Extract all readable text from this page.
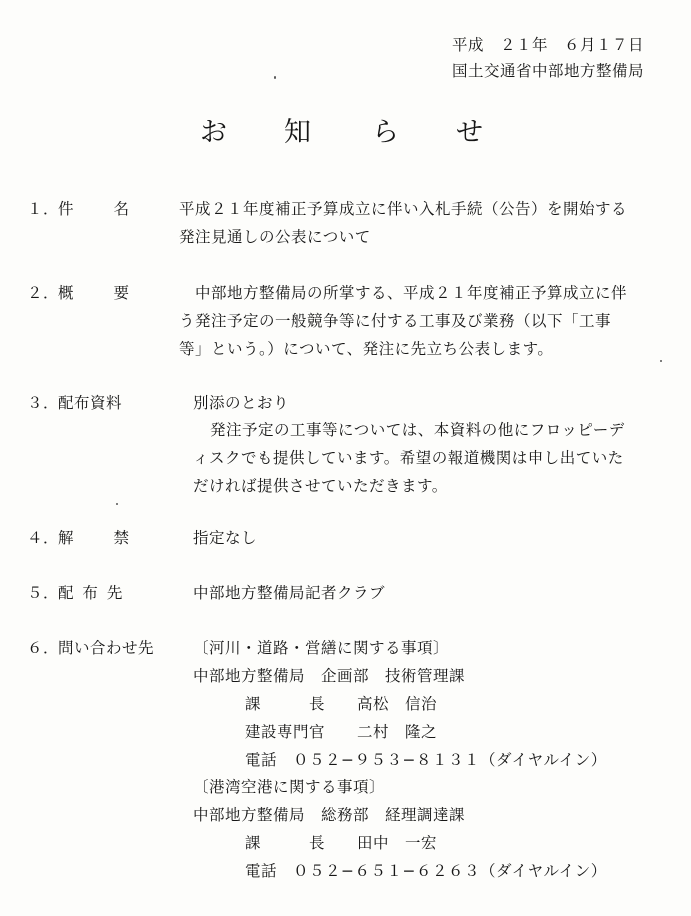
平成　２１年　６月１７日
国土交通省中部地方整備局
お 知 ら せ
１．
件　　名	平成２１年度補正予算成立に伴い入札手続（公告）を開始する
発注見通しの公表について
２．
概　　要	　中部地方整備局の所掌する、平成２１年度補正予算成立に伴
う発注予定の一般競争等に付する工事及び業務（以下「工事
等」という。）について、発注に先立ち公表します。
３．
配布資料	別添のとおり
発注予定の工事等については、本資料の他にフロッピーデ
ィスクでも提供しています。希望の報道機関は申し出ていた
だければ提供させていただきます。
４．
解　　禁	指定なし
５．
配 布 先	中部地方整備局記者クラブ
６．
問い合わせ先	〔河川・道路・営繕に関する事項〕
中部地方整備局　企画部　技術管理課
課　　　長　　高松　信治
建設専門官　　二村　隆之
電話　０５２−９５３−８１３１（ダイヤルイン）
〔港湾空港に関する事項〕
中部地方整備局　総務部　経理調達課
課　　　長　　田中　一宏
電話　０５２−６５１−６２６３（ダイヤルイン）
